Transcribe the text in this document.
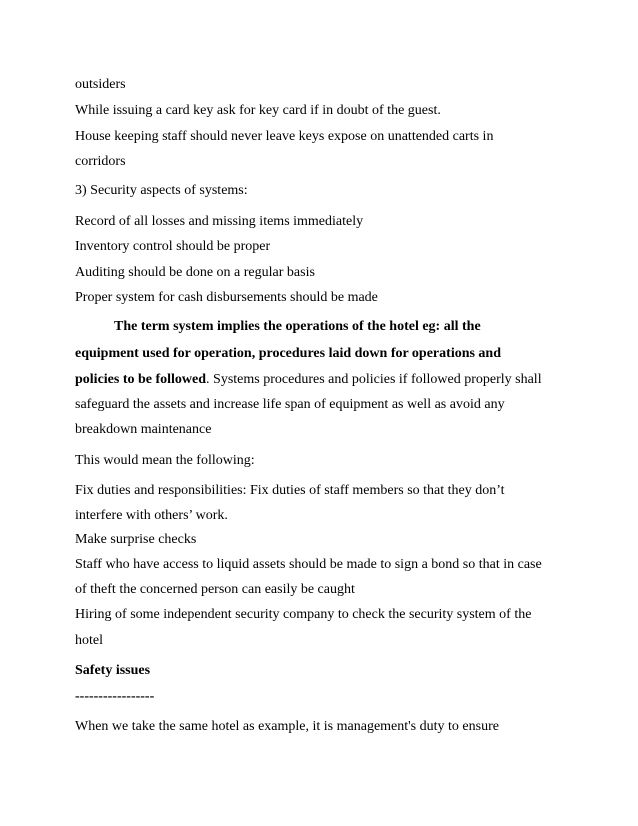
outsiders
While issuing a card key ask for key card if in doubt of the guest.
House keeping staff should never leave keys expose on unattended carts in
corridors
3) Security aspects of systems:
Record of all losses and missing items immediately
Inventory control should be proper
Auditing should be done on a regular basis
Proper system for cash disbursements should be made
The term system implies the operations of the hotel eg: all the
equipment used for operation, procedures laid down for operations and
policies to be followed. Systems procedures and policies if followed properly shall
safeguard the assets and increase life span of equipment as well as avoid any
breakdown maintenance
This would mean the following:
Fix duties and responsibilities: Fix duties of staff members so that they don’t
interfere with others’ work.
Make surprise checks
Staff who have access to liquid assets should be made to sign a bond so that in case
of theft the concerned person can easily be caught
Hiring of some independent security company to check the security system of the
hotel
Safety issues
-----------------
When we take the same hotel as example, it is management's duty to ensure
